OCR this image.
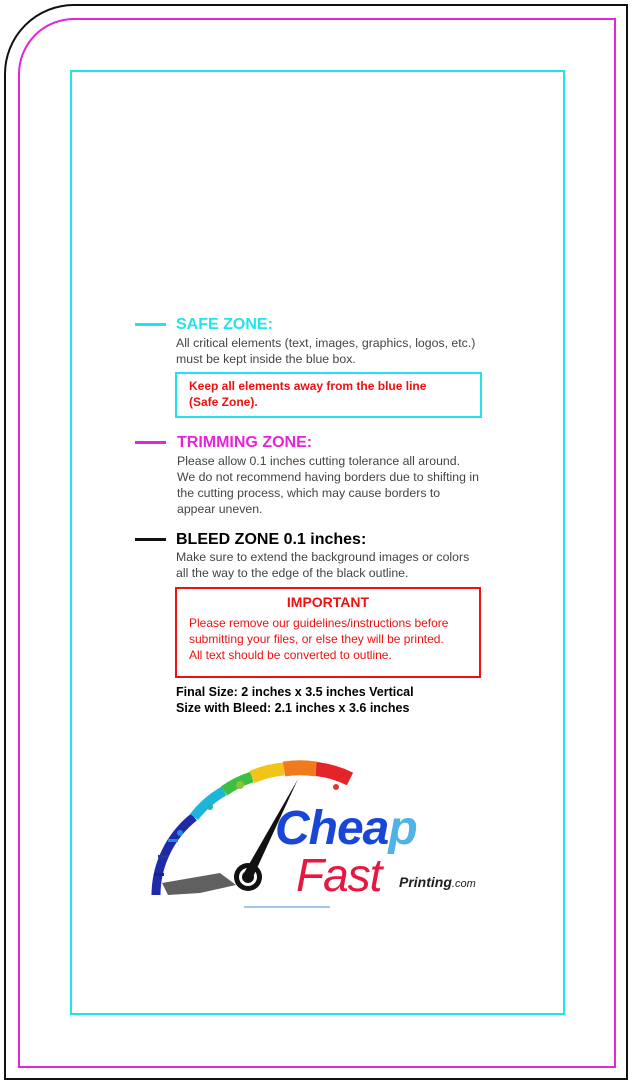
SAFE ZONE:
All critical elements (text, images, graphics, logos, etc.)
must be kept inside the blue box.
Keep all elements away from the blue line
(Safe Zone).
TRIMMING ZONE:
Please allow 0.1 inches cutting tolerance all around.
We do not recommend having borders due to shifting in
the cutting process, which may cause borders to
appear uneven.
BLEED ZONE 0.1 inches:
Make sure to extend the background images or colors
all the way to the edge of the black outline.
IMPORTANT
Please remove our guidelines/instructions before
submitting your files, or else they will be printed.
All text should be converted to outline.
Final Size: 2 inches x 3.5 inches Vertical
Size with Bleed: 2.1 inches x 3.6 inches
Cheap
Fast Printing.com
